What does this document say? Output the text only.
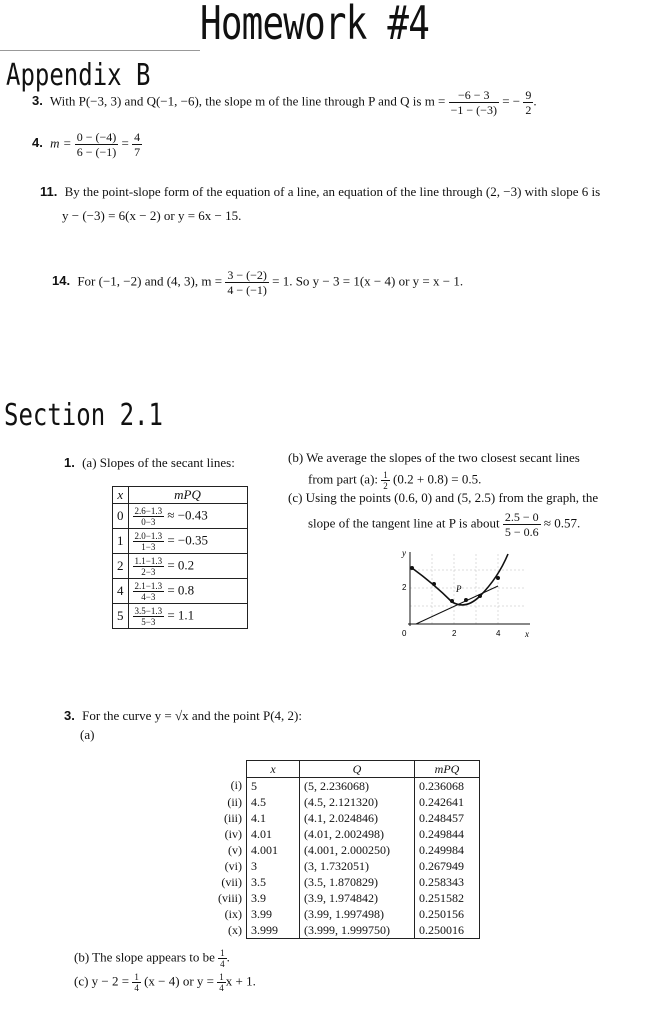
Homework #4
Appendix B
3. With P(−3, 3) and Q(−1, −6), the slope m of the line through P and Q is $m = \frac{-6 - 3}{-1 - (-3)}$ = − $\frac{9}{2}$ .
4. $m = \frac{0 - (-4)}{6 - (-1)} = \frac{4}{7}$
11. By the point-slope form of the equation of a line, an equation of the line through (2, −3) with slope 6 is
y − (−3) = 6(x − 2) or y = 6x − 15.
14. For (−1, −2) and (4, 3), $m = \frac{3 - (-2)}{4 - (-1)} = 1$. So y − 3 = 1(x − 4) or y = x − 1.
Section 2.1
1. (a) Slopes of the secant lines:
x	mPQ
0	$\frac{2.6-1.3}{0-3} \approx -0.43$
1	$\frac{2.0-1.3}{1-3} = -0.35$
2	$\frac{1.1-1.3}{2-3} = 0.2$
4	$\frac{2.1-1.3}{4-3} = 0.8$
5	$\frac{3.5-1.3}{5-3} = 1.1$
(b) We average the slopes of the two closest secant lines
from part (a): $\frac{1}{2} (0.2 + 0.8) = 0.5$.
(c) Using the points (0.6, 0) and (5, 2.5) from the graph, the
slope of the tangent line at P is about $\frac{2.5 - 0}{5 - 0.6} \approx 0.57$.
y
x
P
2
0	2	4
3. For the curve y = √x and the point P(4, 2):
(a)
	x	Q	mPQ
(i)	5	(5, 2.236068)	0.236068
(ii)	4.5	(4.5, 2.121320)	0.242641
(iii)	4.1	(4.1, 2.024846)	0.248457
(iv)	4.01	(4.01, 2.002498)	0.249844
(v)	4.001	(4.001, 2.000250)	0.249984
(vi)	3	(3, 1.732051)	0.267949
(vii)	3.5	(3.5, 1.870829)	0.258343
(viii)	3.9	(3.9, 1.974842)	0.251582
(ix)	3.99	(3.99, 1.997498)	0.250156
(x)	3.999	(3.999, 1.999750)	0.250016
(b) The slope appears to be $\frac{1}{4}$ .
(c) $y - 2 = \frac{1}{4} (x - 4)$ or $y = \frac{1}{4}$ x + 1.
